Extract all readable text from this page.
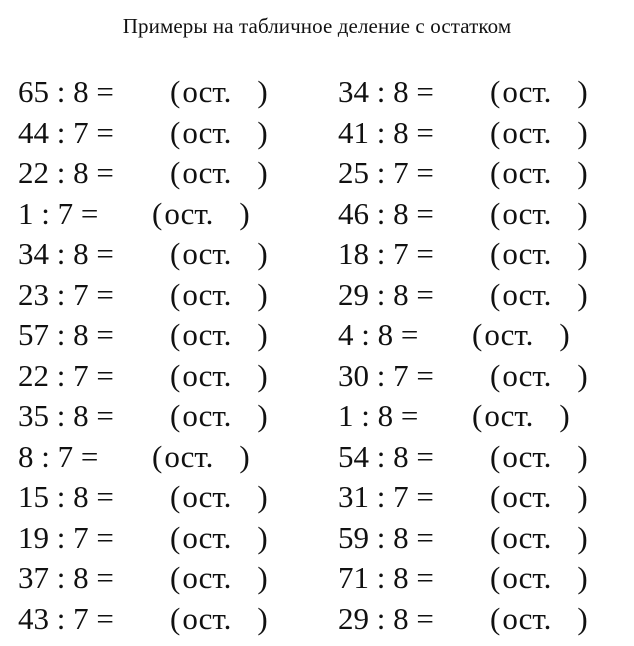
Примеры на табличное деление с остатком
65 : 8 = (ост. ) 34 : 8 = (ост. )
44 : 7 = (ост. ) 41 : 8 = (ост. )
22 : 8 = (ост. ) 25 : 7 = (ост. )
1 : 7 = (ост. )	46 : 8 = (ост. )
34 : 8 = (ост. ) 18 : 7 = (ост. )
23 : 7 = (ост. ) 29 : 8 = (ост. )
57 : 8 = (ост. ) 4 : 8 = (ост. )
22 : 7 = (ост. ) 30 : 7 = (ост. )
35 : 8 = (ост. ) 1 : 8 = (ост. )
8 : 7 = (ост. )	54 : 8 = (ост. )
15 : 8 = (ост. ) 31 : 7 = (ост. )
19 : 7 = (ост. ) 59 : 8 = (ост. )
37 : 8 = (ост. ) 71 : 8 = (ост. )
43 : 7 = (ост. ) 29 : 8 = (ост. )
